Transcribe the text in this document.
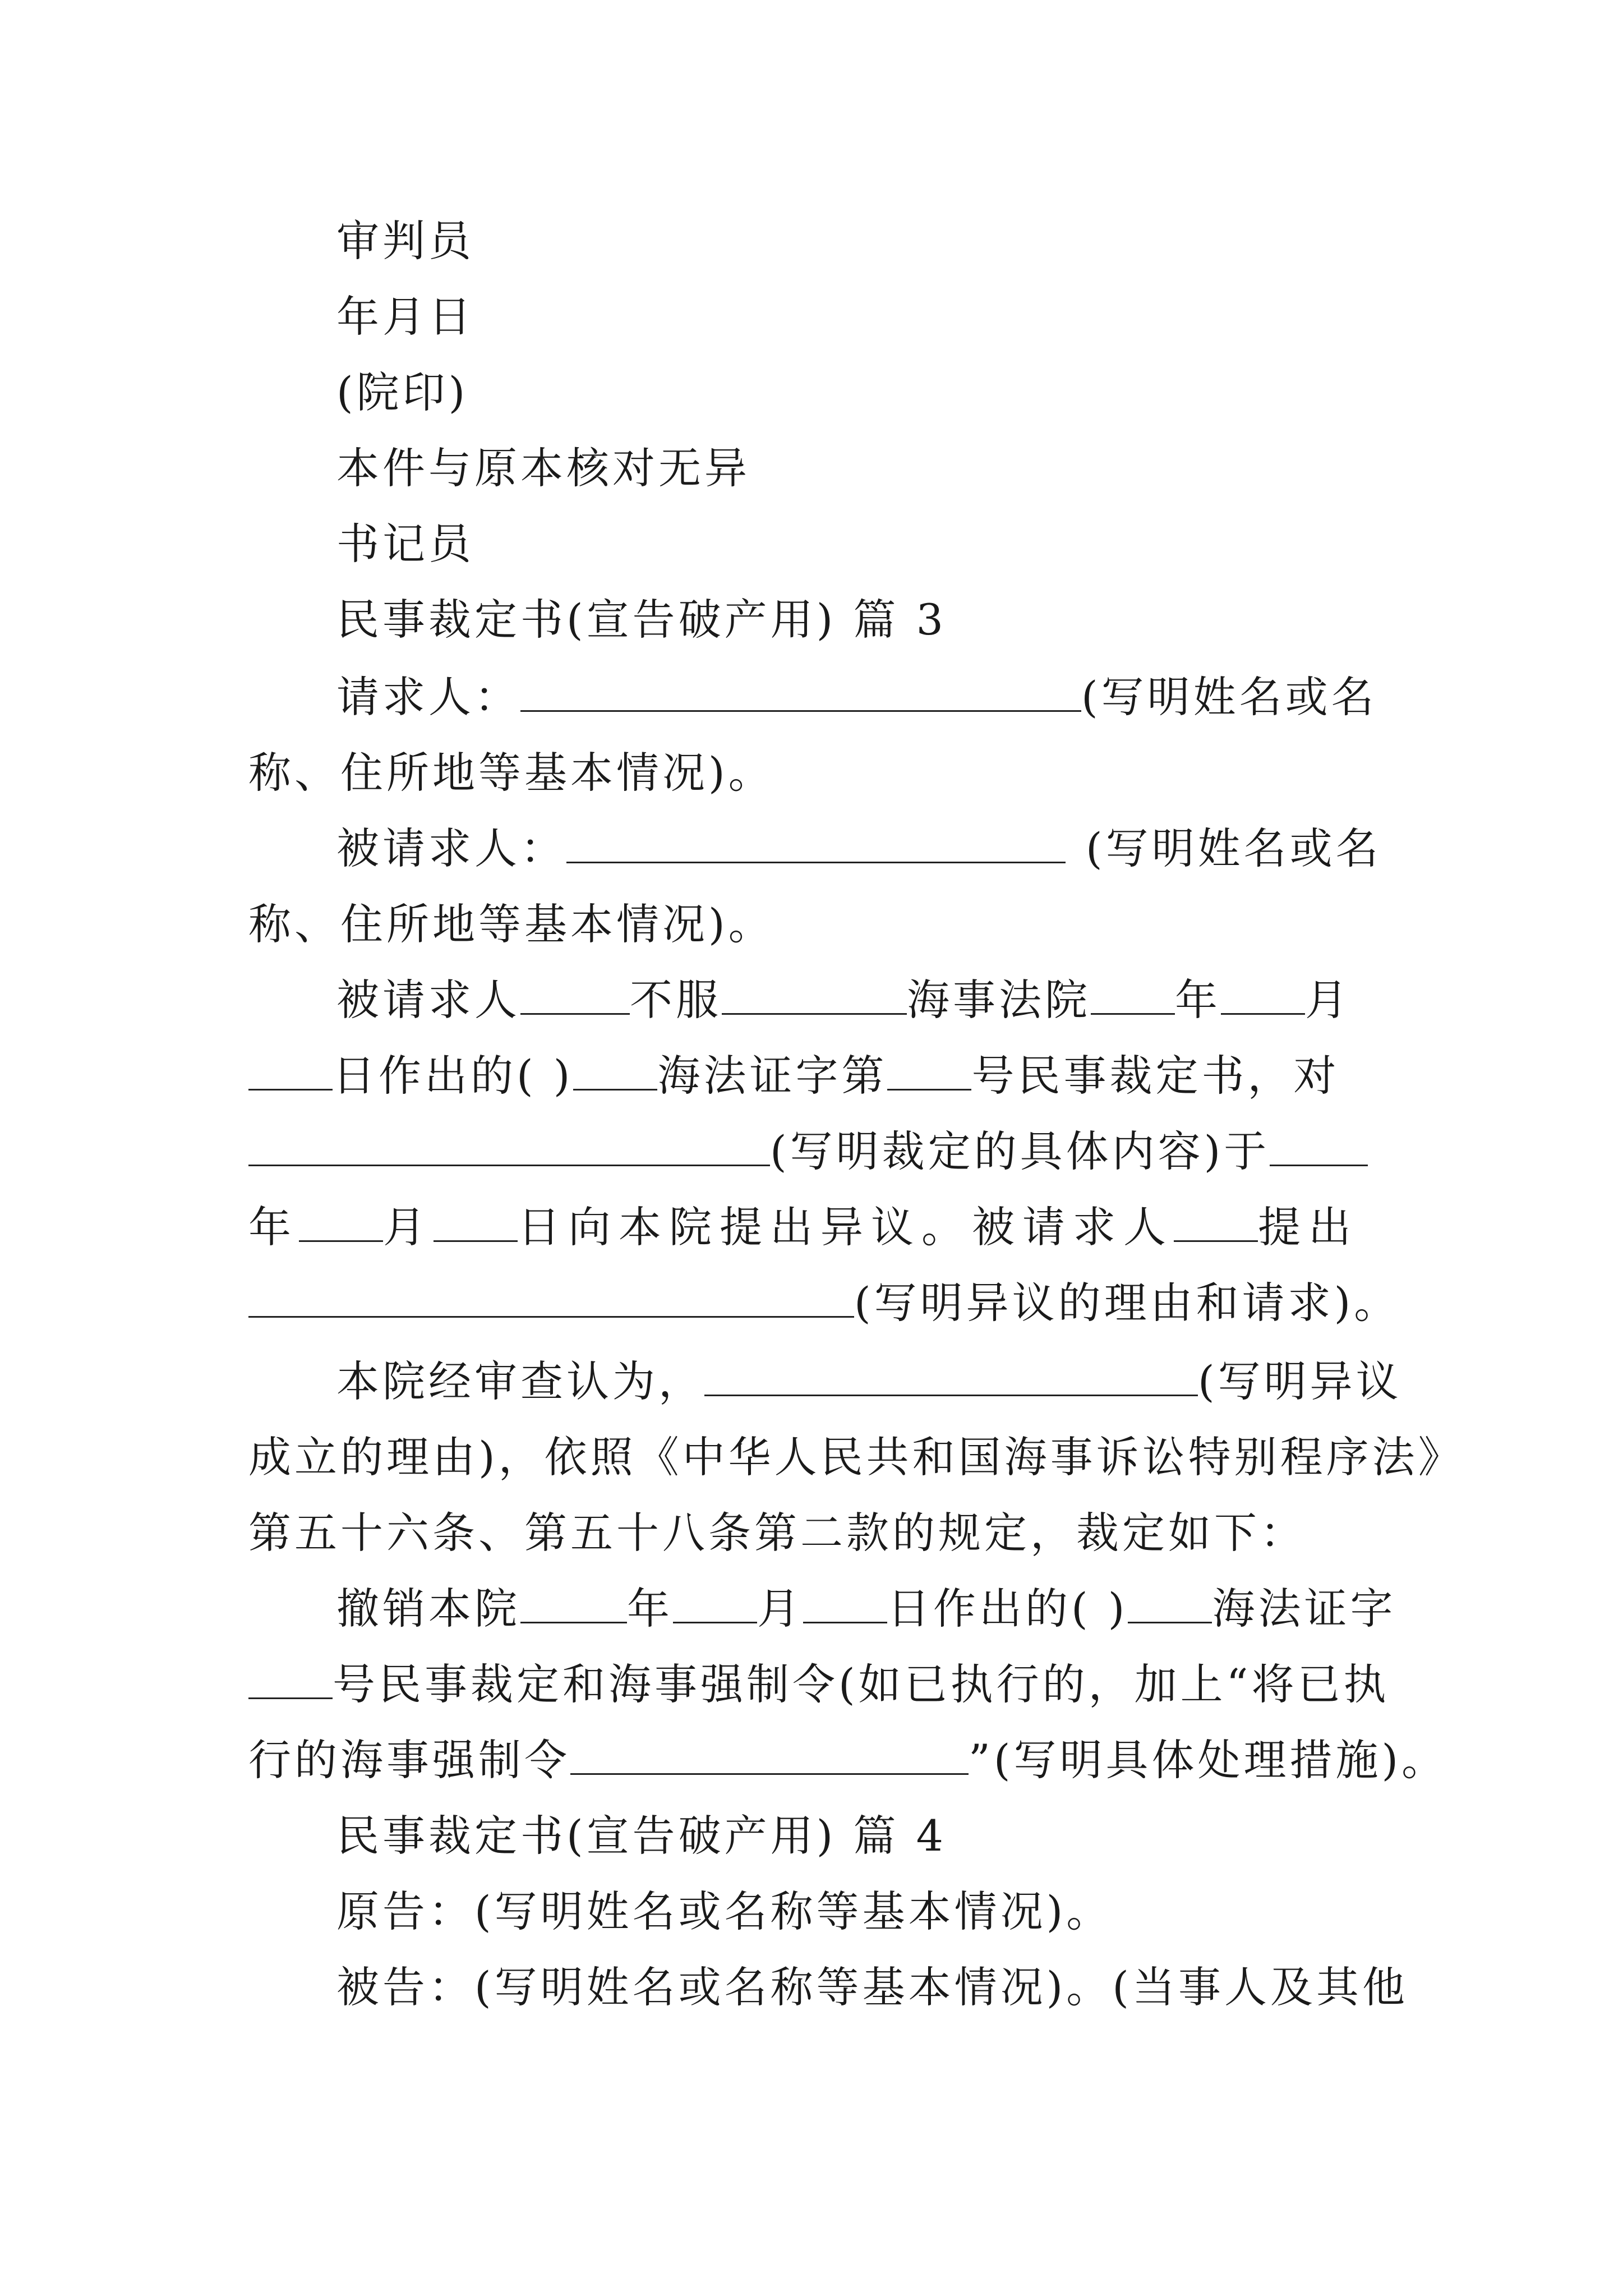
审判员
年月日
(院印)
本件与原本核对无异
书记员
民事裁定书(宣告破产用) 篇 3
请求人：	(写明姓名或名
称、住所地等基本情况)。
被请求人：	(写明姓名或名
称、住所地等基本情况)。
被请求人	不服	海事法院 年 月
日作出的( ) 海法证字第 号民事裁定书，对
(写明裁定的具体内容)于
年 月 日向本院提出异议。被请求人 提出
(写明异议的理由和请求)。
本院经审查认为，	(写明异议
成立的理由)，依照《中华人民共和国海事诉讼特别程序法》
第五十六条、第五十八条第二款的规定，裁定如下：
撤销本院	年 月 日作出的( ) 海法证字
号民事裁定和海事强制令(如已执行的，加上“将已执
行的海事强制令	”(写明具体处理措施)。
民事裁定书(宣告破产用) 篇 4
原告：(写明姓名或名称等基本情况)。
被告：(写明姓名或名称等基本情况)。(当事人及其他
